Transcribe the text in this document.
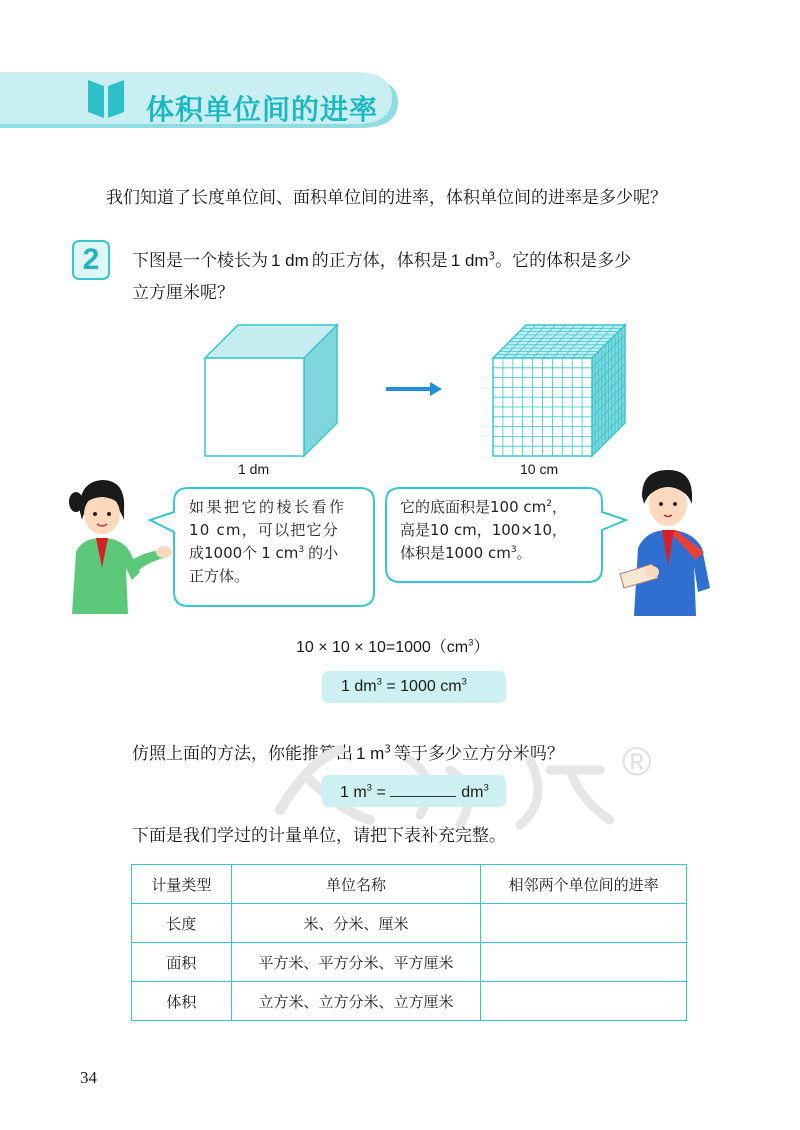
体积单位间的进率
我们知道了长度单位间、面积单位间的进率，体积单位间的进率是多少呢？
2	下图是一个棱长为 1 dm 的正方体，体积是 1 $dm^3$。它的体积是多少
立方厘米呢？
1 dm	10 cm
如果把它的棱长看作
10 cm，可以把它分
成1000个 1 $cm^3$ 的小
正方体。
它的底面积是100 $cm^2$，
高是10 cm，100×10，
体积是1000 $cm^3$。
$10 \times 10 \times 10=1000(cm^3)$
1 $dm^3 = 1000$ $cm^3$
仿照上面的方法，你能推算出 1 $m^3$ 等于多少立方分米吗？ ®
1 $m^3$ =	$dm^3$
下面是我们学过的计量单位，请把下表补充完整。
计量类型	单位名称	相邻两个单位间的进率
长度	米、分米、厘米	
面积	平方米、平方分米、平方厘米	
体积	立方米、立方分米、立方厘米	
34
